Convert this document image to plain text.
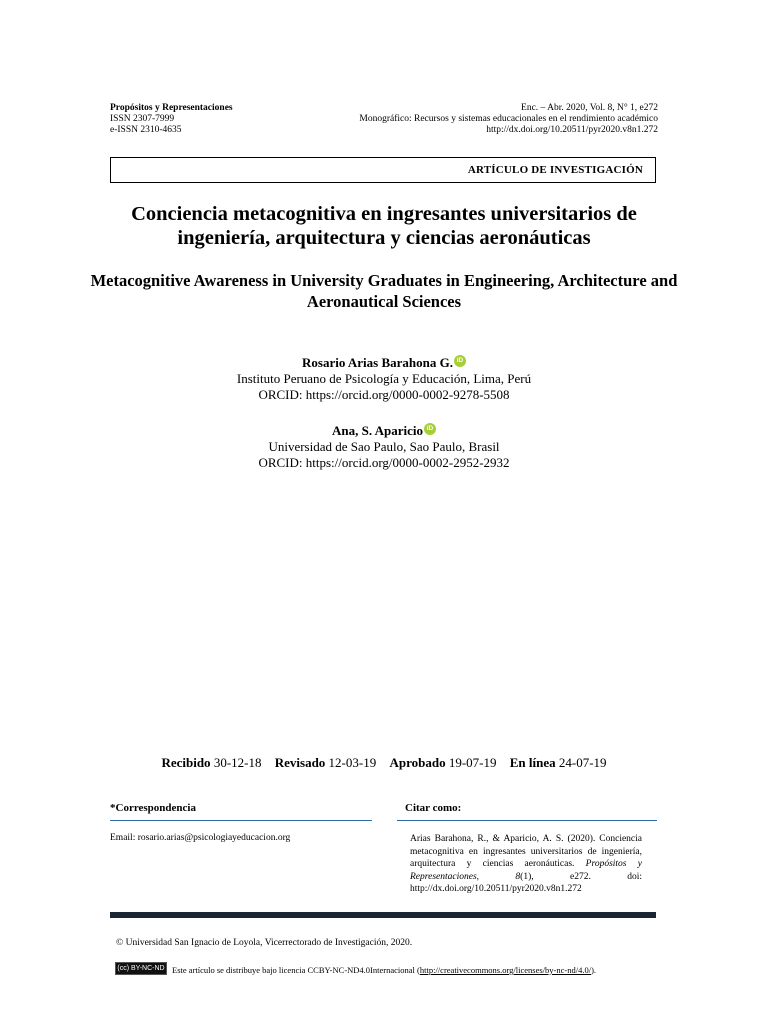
Propósitos y Representaciones
ISSN 2307-7999
e-ISSN 2310-4635
Enc. – Abr. 2020, Vol. 8, N° 1, e272
Monográfico: Recursos y sistemas educacionales en el rendimiento académico
http://dx.doi.org/10.20511/pyr2020.v8n1.272
ARTÍCULO DE INVESTIGACIÓN
Conciencia metacognitiva en ingresantes universitarios de ingeniería, arquitectura y ciencias aeronáuticas
Metacognitive Awareness in University Graduates in Engineering, Architecture and Aeronautical Sciences
Rosario Arias Barahona G. iD
Instituto Peruano de Psicología y Educación, Lima, Perú
ORCID: https://orcid.org/0000-0002-9278-5508
Ana, S. Aparicio iD
Universidad de Sao Paulo, Sao Paulo, Brasil
ORCID: https://orcid.org/0000-0002-2952-2932
Recibido 30-12-18 Revisado 12-03-19 Aprobado 19-07-19 En línea 24-07-19
*Correspondencia
Email: rosario.arias@psicologiayeducacion.org
Citar como:
Arias Barahona, R., & Aparicio, A. S. (2020). Conciencia metacognitiva en ingresantes universitarios de ingeniería, arquitectura y ciencias aeronáuticas. Propósitos y Representaciones,	8(1), e272. doi: http://dx.doi.org/10.20511/pyr2020.v8n1.272
© Universidad San Ignacio de Loyola, Vicerrectorado de Investigación, 2020.
(cc) BY-NC-ND Este artículo se distribuye bajo licencia CCBY-NC-ND4.0Internacional (http://creativecommons.org/licenses/by-nc-nd/4.0/).
